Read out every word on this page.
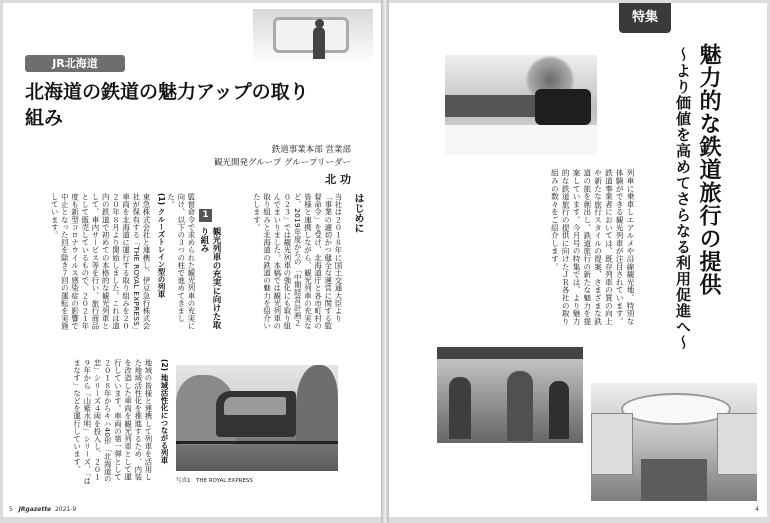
JR北海道
北海道の鉄道の魅力アップの取り組み
鉄道事業本部 営業部
観光開発グループ グループリーダー
北 功
はじめに
当社は２０１８年に国土交通大臣より「事業の適切かつ健全な運営に関する監督命令」を受け、北海道庁と各市町村の皆様と連携しながら、観光列車の充実など、2019年度からの「中期経営計画２０２３」では観光列車の強化にも取り組んでまいりました。本稿では観光列車の取り組みと北海道の鉄道の魅力を紹介いたします。
1
観光列車の充実に向けた取り組み
監督命令で求められた観光列車の充実に向け、以下の３つの柱で進めてきました。
(1) クルーズトレイン型の列車
東急株式会社と連携し、伊豆急行株式会社が保有する「THE ROYAL EXPRESS」車両を北海道に運行する取り組みを２０２０年８月より開始しました。これは道内の鉄道で初めての本格的な観光列車として、車内サービス等を行い、旅行商品として販売しているもので、２０２１年度も新型コロナウイルス感染症の影響で中止となった回を除き７回の運転を実施しています。
写真1　THE ROYAL EXPRESS
(2) 地域活性化につながる列車
地域の皆様と連携して列車を活用した地域活性化を推進するため、内装を改造した車両を観光列車として運行しています。車両の第一弾として２０１８年からキハ40形「北海道の恋」シリーズ４両を投入し、２０１９年から「山紫水明」シリーズ、「はまなす」などを運行しています。
5 JRgazette 2021-9
特集
魅力的な鉄道旅行の提供
〜より価値を高めてさらなる利用促進へ〜
列車に乗車しエアルメや沿線観光地、特別な体験ができる観光列車が注目されています。鉄道事業者においては、既存列車の質の向上や新たな旅行スタイルの提案、さまざまな鉄道の旅を創出し、鉄道旅行の新たな魅力を提案しています。今月号の特集では、より魅力的な鉄道旅行の提供に向けたＪＲ各社の取り組みの数々をご紹介します。
4
